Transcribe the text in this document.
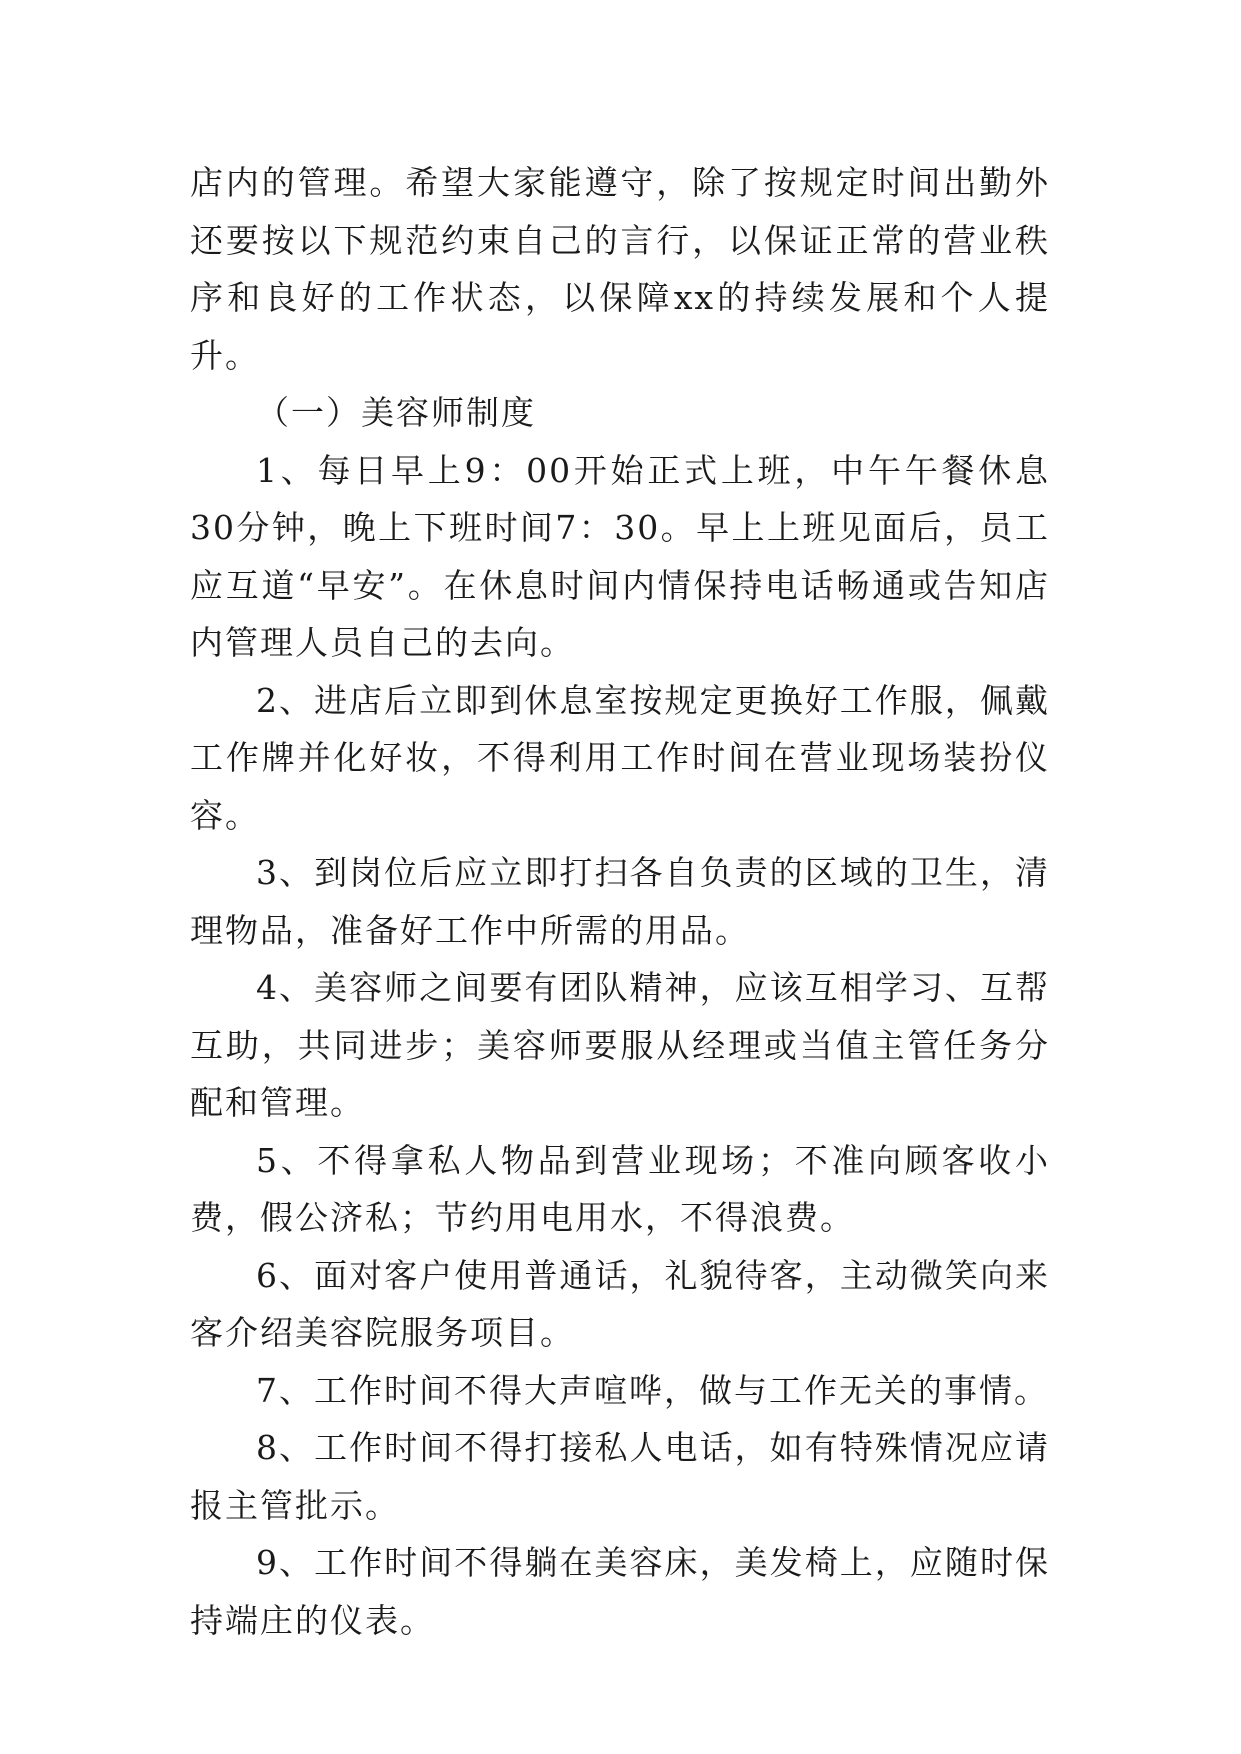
店内的管理。希望大家能遵守，除了按规定时间出勤外还要按以下规范约束自己的言行，以保证正常的营业秩序和良好的工作状态，以保障xx的持续发展和个人提升。

（一）美容师制度

1、每日早上9：00开始正式上班，中午午餐休息30分钟，晚上下班时间7：30。早上上班见面后，员工应互道“早安”。在休息时间内情保持电话畅通或告知店内管理人员自己的去向。

2、进店后立即到休息室按规定更换好工作服，佩戴工作牌并化好妆，不得利用工作时间在营业现场装扮仪容。

3、到岗位后应立即打扫各自负责的区域的卫生，清理物品，准备好工作中所需的用品。

4、美容师之间要有团队精神，应该互相学习、互帮互助，共同进步；美容师要服从经理或当值主管任务分配和管理。

5、不得拿私人物品到营业现场；不准向顾客收小费，假公济私；节约用电用水，不得浪费。

6、面对客户使用普通话，礼貌待客，主动微笑向来客介绍美容院服务项目。

7、工作时间不得大声喧哗，做与工作无关的事情。

8、工作时间不得打接私人电话，如有特殊情况应请报主管批示。

9、工作时间不得躺在美容床，美发椅上，应随时保持端庄的仪表。
